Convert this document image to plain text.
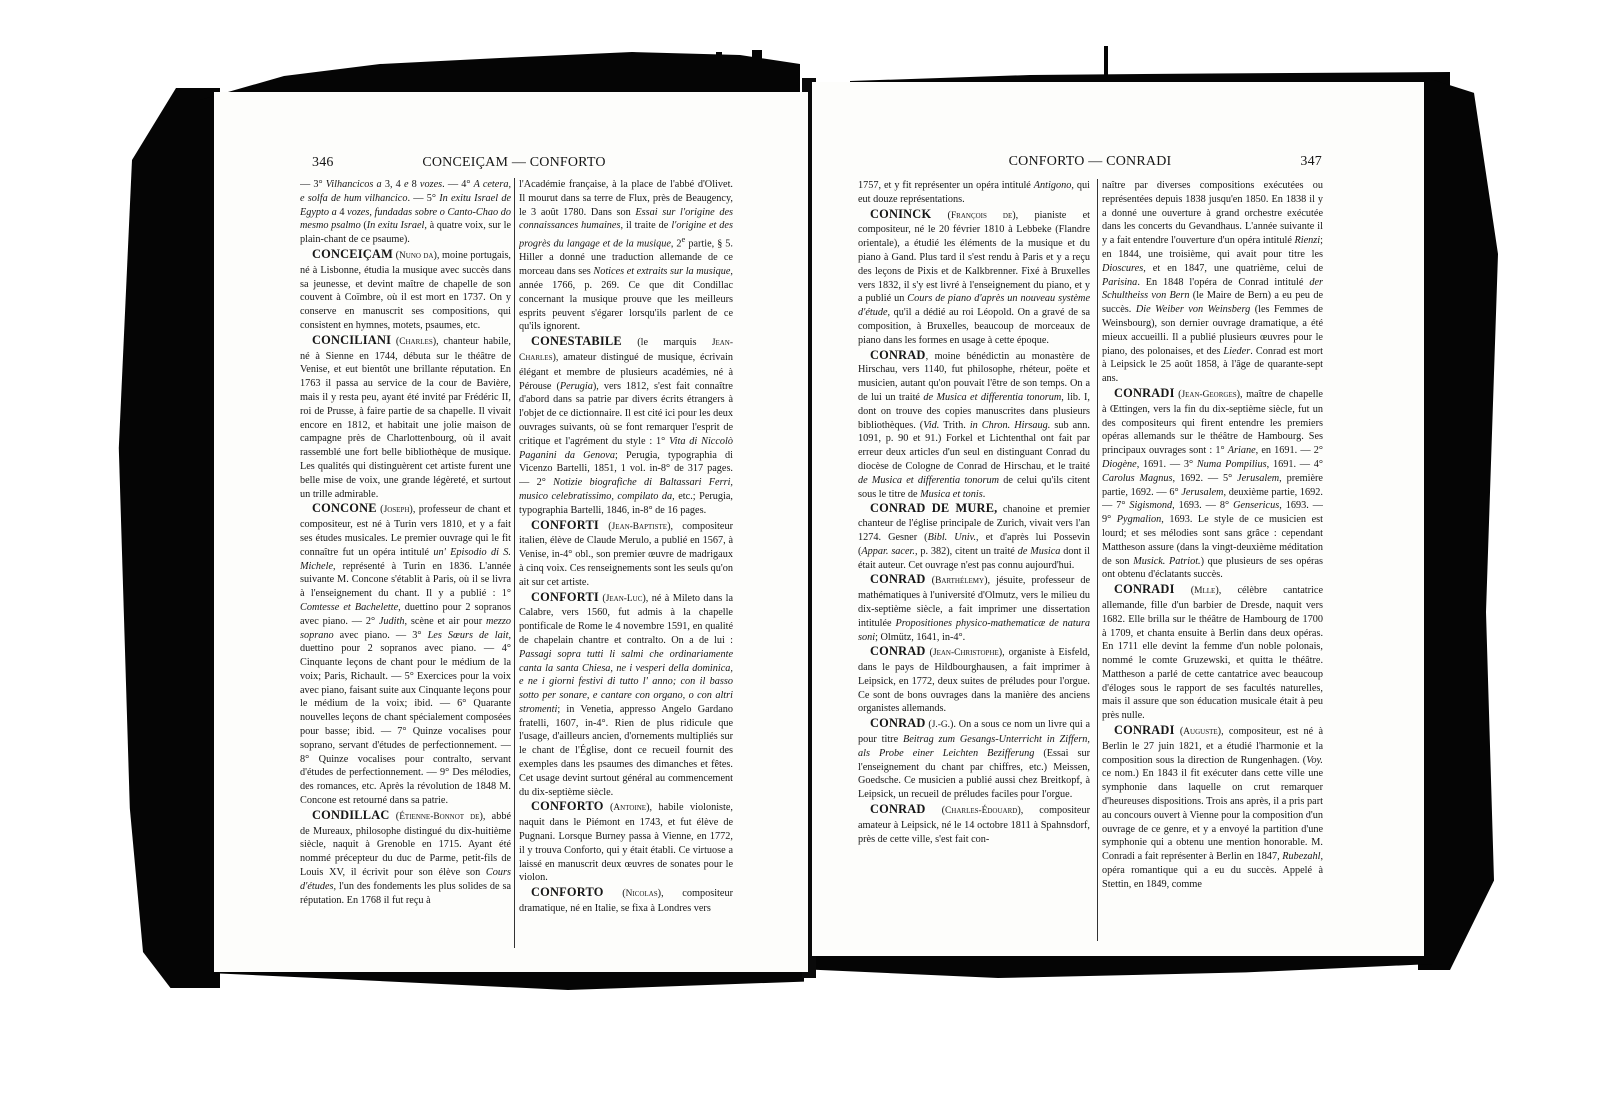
346	CONCEIÇAM — CONFORTO

— 3° Vilhancicos a 3, 4 e 8 vozes. — 4° A cetera, e solfa de hum vilhancico. — 5° In exitu Israel de Egypto a 4 vozes, fundadas sobre o Canto-Chao do mesmo psalmo (In exitu Israel, à quatre voix, sur le plain-chant de ce psaume).

CONCEIÇAM (Nuno da), moine portugais, né à Lisbonne, étudia la musique avec succès dans sa jeunesse, et devint maître de chapelle de son couvent à Coïmbre, où il est mort en 1737. On y conserve en manuscrit ses compositions, qui consistent en hymnes, motets, psaumes, etc.

CONCILIANI (Charles), chanteur habile, né à Sienne en 1744, débuta sur le théâtre de Venise, et eut bientôt une brillante réputation. En 1763 il passa au service de la cour de Bavière, mais il y resta peu, ayant été invité par Frédéric II, roi de Prusse, à faire partie de sa chapelle. Il vivait encore en 1812, et habitait une jolie maison de campagne près de Charlottenbourg, où il avait rassemblé une fort belle bibliothèque de musique. Les qualités qui distinguèrent cet artiste furent une belle mise de voix, une grande légèreté, et surtout un trille admirable.

CONCONE (Joseph), professeur de chant et compositeur, est né à Turin vers 1810, et y a fait ses études musicales. Le premier ouvrage qui le fit connaître fut un opéra intitulé un' Episodio di S. Michele, représenté à Turin en 1836. L'année suivante M. Concone s'établit à Paris, où il se livra à l'enseignement du chant. Il y a publié : 1° Comtesse et Bachelette, duettino pour 2 sopranos avec piano. — 2° Judith, scène et air pour mezzo soprano avec piano. — 3° Les Sœurs de lait, duettino pour 2 sopranos avec piano. — 4° Cinquante leçons de chant pour le médium de la voix; Paris, Richault. — 5° Exercices pour la voix avec piano, faisant suite aux Cinquante leçons pour le médium de la voix; ibid. — 6° Quarante nouvelles leçons de chant spécialement composées pour basse; ibid. — 7° Quinze vocalises pour soprano, servant d'études de perfectionnement. — 8° Quinze vocalises pour contralto, servant d'études de perfectionnement. — 9° Des mélodies, des romances, etc. Après la révolution de 1848 M. Concone est retourné dans sa patrie.

CONDILLAC (Étienne-Bonnot de), abbé de Mureaux, philosophe distingué du dix-huitième siècle, naquit à Grenoble en 1715. Ayant été nommé précepteur du duc de Parme, petit-fils de Louis XV, il écrivit pour son élève son Cours d'études, l'un des fondements les plus solides de sa réputation. En 1768 il fut reçu à

l'Académie française, à la place de l'abbé d'Olivet. Il mourut dans sa terre de Flux, près de Beaugency, le 3 août 1780. Dans son Essai sur l'origine des connaissances humaines, il traite de l'origine et des progrès du langage et de la musique, 2e partie, § 5. Hiller a donné une traduction allemande de ce morceau dans ses Notices et extraits sur la musique, année 1766, p. 269. Ce que dit Condillac concernant la musique prouve que les meilleurs esprits peuvent s'égarer lorsqu'ils parlent de ce qu'ils ignorent.

CONESTABILE (le marquis Jean-Charles), amateur distingué de musique, écrivain élégant et membre de plusieurs académies, né à Pérouse (Perugia), vers 1812, s'est fait connaître d'abord dans sa patrie par divers écrits étrangers à l'objet de ce dictionnaire. Il est cité ici pour les deux ouvrages suivants, où se font remarquer l'esprit de critique et l'agrément du style : 1° Vita di Niccolò Paganini da Genova; Perugia, typographia di Vicenzo Bartelli, 1851, 1 vol. in-8° de 317 pages. — 2° Notizie biografiche di Baltassari Ferri, musico celebratissimo, compilato da, etc.; Perugia, typographia Bartelli, 1846, in-8° de 16 pages.

CONFORTI (Jean-Baptiste), compositeur italien, élève de Claude Merulo, a publié en 1567, à Venise, in-4° obl., son premier œuvre de madrigaux à cinq voix. Ces renseignements sont les seuls qu'on ait sur cet artiste.

CONFORTI (Jean-Luc), né à Mileto dans la Calabre, vers 1560, fut admis à la chapelle pontificale de Rome le 4 novembre 1591, en qualité de chapelain chantre et contralto. On a de lui : Passagi sopra tutti li salmi che ordinariamente canta la santa Chiesa, ne i vesperi della dominica, e ne i giorni festivi di tutto l' anno; con il basso sotto per sonare, e cantare con organo, o con altri stromenti; in Venetia, appresso Angelo Gardano fratelli, 1607, in-4°. Rien de plus ridicule que l'usage, d'ailleurs ancien, d'ornements multipliés sur le chant de l'Église, dont ce recueil fournit des exemples dans les psaumes des dimanches et fêtes. Cet usage devint surtout général au commencement du dix-septième siècle.

CONFORTO (Antoine), habile violoniste, naquit dans le Piémont en 1743, et fut élève de Pugnani. Lorsque Burney passa à Vienne, en 1772, il y trouva Conforto, qui y était établi. Ce virtuose a laissé en manuscrit deux œuvres de sonates pour le violon.

CONFORTO (Nicolas), compositeur dramatique, né en Italie, se fixa à Londres vers

CONFORTO — CONRADI	347

1757, et y fit représenter un opéra intitulé Antigono, qui eut douze représentations.

CONINCK (François de), pianiste et compositeur, né le 20 février 1810 à Lebbeke (Flandre orientale), a étudié les éléments de la musique et du piano à Gand. Plus tard il s'est rendu à Paris et y a reçu des leçons de Pixis et de Kalkbrenner. Fixé à Bruxelles vers 1832, il s'y est livré à l'enseignement du piano, et y a publié un Cours de piano d'après un nouveau système d'étude, qu'il a dédié au roi Léopold. On a gravé de sa composition, à Bruxelles, beaucoup de morceaux de piano dans les formes en usage à cette époque.

CONRAD, moine bénédictin au monastère de Hirschau, vers 1140, fut philosophe, rhéteur, poëte et musicien, autant qu'on pouvait l'être de son temps. On a de lui un traité de Musica et differentia tonorum, lib. I, dont on trouve des copies manuscrites dans plusieurs bibliothèques. (Vid. Trith. in Chron. Hirsaug. sub ann. 1091, p. 90 et 91.) Forkel et Lichtenthal ont fait par erreur deux articles d'un seul en distinguant Conrad du diocèse de Cologne de Conrad de Hirschau, et le traité de Musica et differentia tonorum de celui qu'ils citent sous le titre de Musica et tonis.

CONRAD DE MURE, chanoine et premier chanteur de l'église principale de Zurich, vivait vers l'an 1274. Gesner (Bibl. Univ., et d'après lui Possevin (Appar. sacer., p. 382), citent un traité de Musica dont il était auteur. Cet ouvrage n'est pas connu aujourd'hui.

CONRAD (Barthélemy), jésuite, professeur de mathématiques à l'université d'Olmutz, vers le milieu du dix-septième siècle, a fait imprimer une dissertation intitulée Propositiones physico-mathematicæ de natura soni; Olmütz, 1641, in-4°.

CONRAD (Jean-Christophe), organiste à Eisfeld, dans le pays de Hildbourghausen, a fait imprimer à Leipsick, en 1772, deux suites de préludes pour l'orgue. Ce sont de bons ouvrages dans la manière des anciens organistes allemands.

CONRAD (J.-G.). On a sous ce nom un livre qui a pour titre Beitrag zum Gesangs-Unterricht in Ziffern, als Probe einer Leichten Bezifferung (Essai sur l'enseignement du chant par chiffres, etc.) Meissen, Goedsche. Ce musicien a publié aussi chez Breitkopf, à Leipsick, un recueil de préludes faciles pour l'orgue.

CONRAD (Charles-Édouard), compositeur amateur à Leipsick, né le 14 octobre 1811 à Spahnsdorf, près de cette ville, s'est fait con-

naître par diverses compositions exécutées ou représentées depuis 1838 jusqu'en 1850. En 1838 il y a donné une ouverture à grand orchestre exécutée dans les concerts du Gevandhaus. L'année suivante il y a fait entendre l'ouverture d'un opéra intitulé Rienzi; en 1844, une troisième, qui avait pour titre les Dioscures, et en 1847, une quatrième, celui de Parisina. En 1848 l'opéra de Conrad intitulé der Schultheiss von Bern (le Maire de Bern) a eu peu de succès. Die Weiber von Weinsberg (les Femmes de Weinsbourg), son dernier ouvrage dramatique, a été mieux accueilli. Il a publié plusieurs œuvres pour le piano, des polonaises, et des Lieder. Conrad est mort à Leipsick le 25 août 1858, à l'âge de quarante-sept ans.

CONRADI (Jean-Georges), maître de chapelle à Œttingen, vers la fin du dix-septième siècle, fut un des compositeurs qui firent entendre les premiers opéras allemands sur le théâtre de Hambourg. Ses principaux ouvrages sont : 1° Ariane, en 1691. — 2° Diogène, 1691. — 3° Numa Pompilius, 1691. — 4° Carolus Magnus, 1692. — 5° Jerusalem, première partie, 1692. — 6° Jerusalem, deuxième partie, 1692. — 7° Sigismond, 1693. — 8° Gensericus, 1693. — 9° Pygmalion, 1693. Le style de ce musicien est lourd; et ses mélodies sont sans grâce : cependant Mattheson assure (dans la vingt-deuxième méditation de son Musick. Patriot.) que plusieurs de ses opéras ont obtenu d'éclatants succès.

CONRADI (Mlle), célèbre cantatrice allemande, fille d'un barbier de Dresde, naquit vers 1682. Elle brilla sur le théâtre de Hambourg de 1700 à 1709, et chanta ensuite à Berlin dans deux opéras. En 1711 elle devint la femme d'un noble polonais, nommé le comte Gruzewski, et quitta le théâtre. Mattheson a parlé de cette cantatrice avec beaucoup d'éloges sous le rapport de ses facultés naturelles, mais il assure que son éducation musicale était à peu près nulle.

CONRADI (Auguste), compositeur, est né à Berlin le 27 juin 1821, et a étudié l'harmonie et la composition sous la direction de Rungenhagen. (Voy. ce nom.) En 1843 il fit exécuter dans cette ville une symphonie dans laquelle on crut remarquer d'heureuses dispositions. Trois ans après, il a pris part au concours ouvert à Vienne pour la composition d'un ouvrage de ce genre, et y a envoyé la partition d'une symphonie qui a obtenu une mention honorable. M. Conradi a fait représenter à Berlin en 1847, Rubezahl, opéra romantique qui a eu du succès. Appelé à Stettin, en 1849, comme
